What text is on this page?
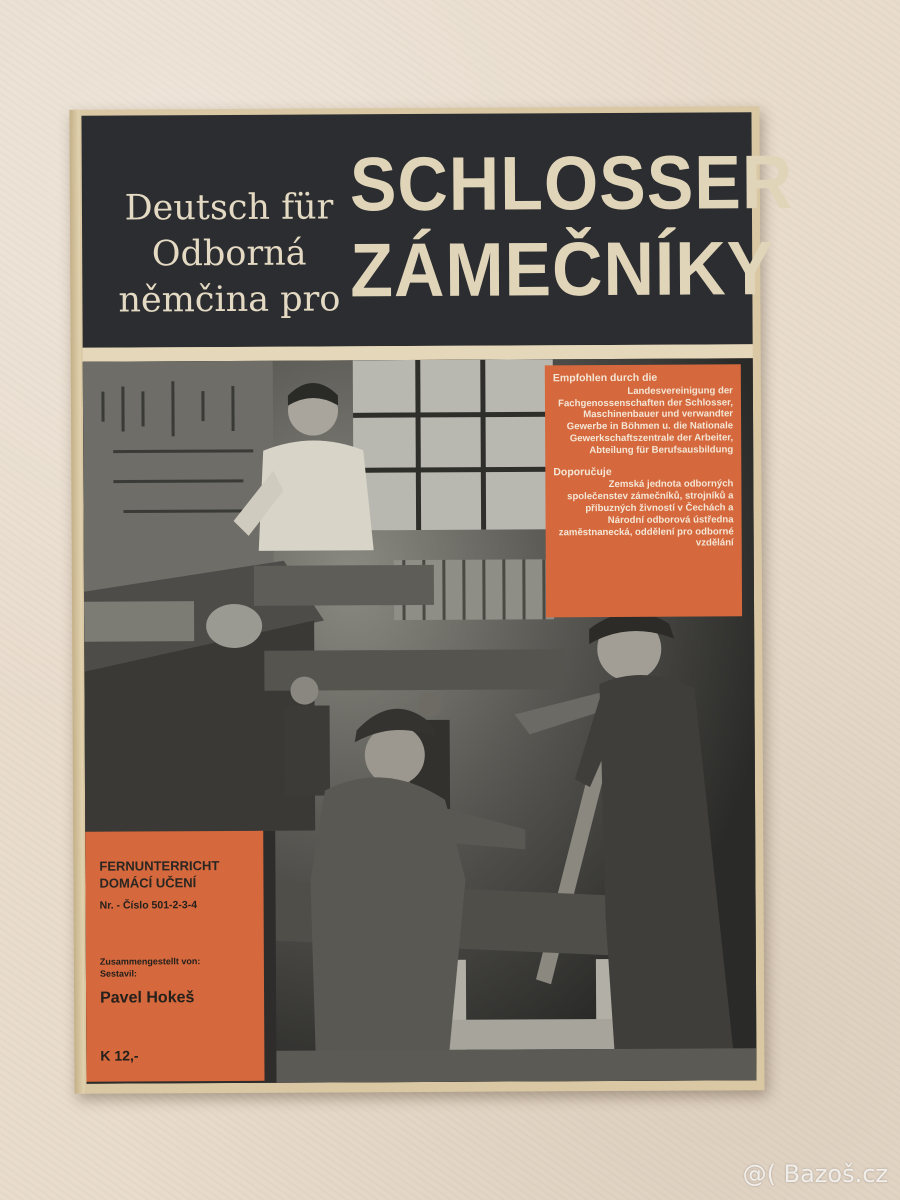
Deutsch für
Odborná
němčina pro
SCHLOSSER
ZÁMEČNÍKY
Empfohlen durch die
Landesvereinigung der Fachgenossenschaften der Schlosser, Maschinenbauer und verwandter Gewerbe in Böhmen u. die Nationale Gewerkschaftszentrale der Arbeiter, Abteilung für Berufsausbildung
Doporučuje
Zemská jednota odborných společenstev zámečníků, strojníků a příbuzných živností v Čechách a Národní odborová ústředna zaměstnanecká, oddělení pro odborné vzdělání
FERNUNTERRICHT
DOMÁCÍ UČENÍ
Nr. - Číslo 501-2-3-4
Zusammengestellt von:
Sestavil:
Pavel Hokeš
K 12,-
@( Bazoš.cz
